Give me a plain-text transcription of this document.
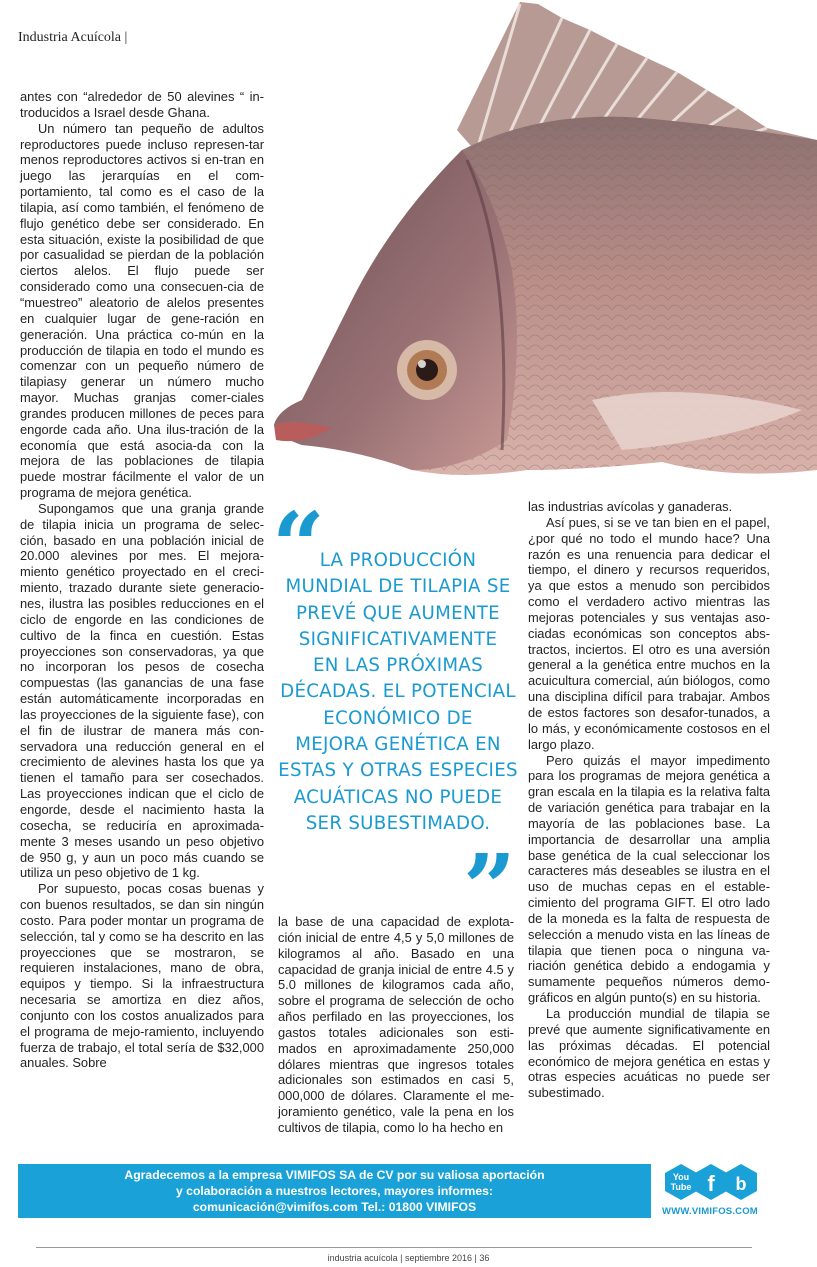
Industria Acuícola |

antes con “alrededor de 50 alevines “ in-troducidos a Israel desde Ghana.

Un número tan pequeño de adultos reproductores puede incluso represen-tar menos reproductores activos si en-tran en juego las jerarquías en el com-portamiento, tal como es el caso de la tilapia, así como también, el fenómeno de flujo genético debe ser considerado. En esta situación, existe la posibilidad de que por casualidad se pierdan de la población ciertos alelos. El flujo puede ser considerado como una consecuen-cia de “muestreo” aleatorio de alelos presentes en cualquier lugar de gene-ración en generación. Una práctica co-mún en la producción de tilapia en todo el mundo es comenzar con un pequeño número de tilapiasy generar un número mucho mayor. Muchas granjas comer-ciales grandes producen millones de peces para engorde cada año. Una ilus-tración de la economía que está asocia-da con la mejora de las poblaciones de tilapia puede mostrar fácilmente el valor de un programa de mejora genética.

Supongamos que una granja grande de tilapia inicia un programa de selec-ción, basado en una población inicial de 20.000 alevines por mes. El mejora-miento genético proyectado en el creci-miento, trazado durante siete generacio-nes, ilustra las posibles reducciones en el ciclo de engorde en las condiciones de cultivo de la finca en cuestión. Estas proyecciones son conservadoras, ya que no incorporan los pesos de cosecha compuestas (las ganancias de una fase están automáticamente incorporadas en las proyecciones de la siguiente fase), con el fin de ilustrar de manera más con-servadora una reducción general en el crecimiento de alevines hasta los que ya tienen el tamaño para ser cosechados. Las proyecciones indican que el ciclo de engorde, desde el nacimiento hasta la cosecha, se reduciría en aproximada-mente 3 meses usando un peso objetivo de 950 g, y aun un poco más cuando se utiliza un peso objetivo de 1 kg.

Por supuesto, pocas cosas buenas y con buenos resultados, se dan sin ningún costo. Para poder montar un programa de selección, tal y como se ha descrito en las proyecciones que se mostraron, se requieren instalaciones, mano de obra, equipos y tiempo. Si la infraestructura necesaria se amortiza en diez años, conjunto con los costos anualizados para el programa de mejo-ramiento, incluyendo fuerza de trabajo, el total sería de $32,000 anuales. Sobre

“
LA PRODUCCIÓN
MUNDIAL DE TILAPIA SE
PREVÉ QUE AUMENTE
SIGNIFICATIVAMENTE
EN LAS PRÓXIMAS
DÉCADAS. EL POTENCIAL
ECONÓMICO DE
MEJORA GENÉTICA EN
ESTAS Y OTRAS ESPECIES
ACUÁTICAS NO PUEDE
SER SUBESTIMADO.
”

la base de una capacidad de explota-ción inicial de entre 4,5 y 5,0 millones de kilogramos al año. Basado en una capacidad de granja inicial de entre 4.5 y 5.0 millones de kilogramos cada año, sobre el programa de selección de ocho años perfilado en las proyecciones, los gastos totales adicionales son esti-mados en aproximadamente 250,000 dólares mientras que ingresos totales adicionales son estimados en casi 5, 000,000 de dólares. Claramente el me-joramiento genético, vale la pena en los cultivos de tilapia, como lo ha hecho en

las industrias avícolas y ganaderas.

Así pues, si se ve tan bien en el papel, ¿por qué no todo el mundo hace? Una razón es una renuencia para dedicar el tiempo, el dinero y recursos requeridos, ya que estos a menudo son percibidos como el verdadero activo mientras las mejoras potenciales y sus ventajas aso-ciadas económicas son conceptos abs-tractos, inciertos. El otro es una aversión general a la genética entre muchos en la acuicultura comercial, aún biólogos, como una disciplina difícil para trabajar. Ambos de estos factores son desafor-tunados, a lo más, y económicamente costosos en el largo plazo.

Pero quizás el mayor impedimento para los programas de mejora genética a gran escala en la tilapia es la relativa falta de variación genética para trabajar en la mayoría de las poblaciones base. La importancia de desarrollar una amplia base genética de la cual seleccionar los caracteres más deseables se ilustra en el uso de muchas cepas en el estable-cimiento del programa GIFT. El otro lado de la moneda es la falta de respuesta de selección a menudo vista en las líneas de tilapia que tienen poca o ninguna va-riación genética debido a endogamia y sumamente pequeños números demo-gráficos en algún punto(s) en su historia.

La producción mundial de tilapia se prevé que aumente significativamente en las próximas décadas. El potencial económico de mejora genética en estas y otras especies acuáticas no puede ser subestimado.

Agradecemos a la empresa VIMIFOS SA de CV por su valiosa aportación
y colaboración a nuestros lectores, mayores informes:
comunicación@vimifos.com Tel.: 01800 VIMIFOS
You
Tube f b
WWW.VIMIFOS.COM
industria acuícola | septiembre 2016 | 36
